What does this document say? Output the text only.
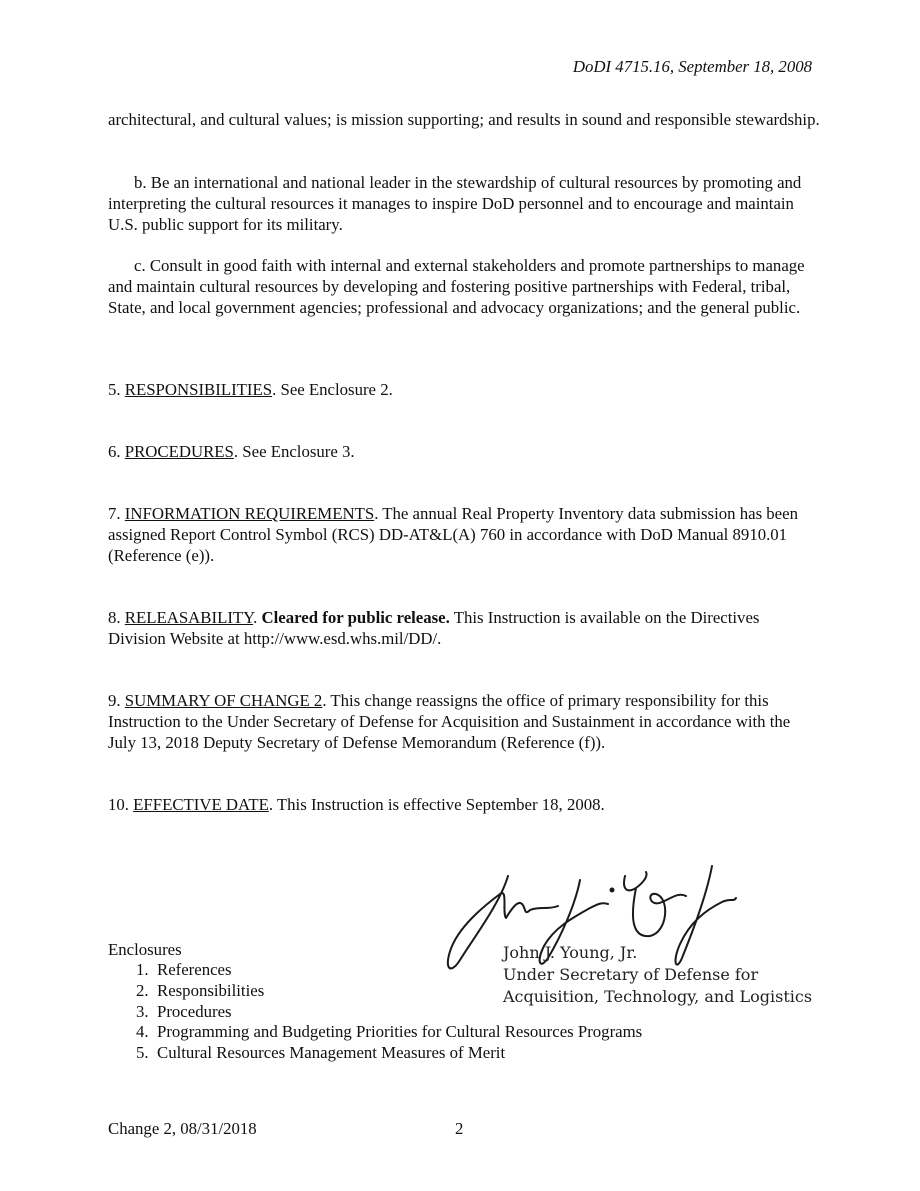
DoDI 4715.16, September 18, 2008

architectural, and cultural values; is mission supporting; and results in sound and responsible stewardship.

b. Be an international and national leader in the stewardship of cultural resources by promoting and interpreting the cultural resources it manages to inspire DoD personnel and to encourage and maintain U.S. public support for its military.

c. Consult in good faith with internal and external stakeholders and promote partnerships to manage and maintain cultural resources by developing and fostering positive partnerships with Federal, tribal, State, and local government agencies; professional and advocacy organizations; and the general public.

5. RESPONSIBILITIES. See Enclosure 2.

6. PROCEDURES. See Enclosure 3.

7. INFORMATION REQUIREMENTS. The annual Real Property Inventory data submission has been assigned Report Control Symbol (RCS) DD-AT&L(A) 760 in accordance with DoD Manual 8910.01 (Reference (e)).

8. RELEASABILITY. Cleared for public release. This Instruction is available on the Directives Division Website at http://www.esd.whs.mil/DD/.

9. SUMMARY OF CHANGE 2. This change reassigns the office of primary responsibility for this Instruction to the Under Secretary of Defense for Acquisition and Sustainment in accordance with the July 13, 2018 Deputy Secretary of Defense Memorandum (Reference (f)).

10. EFFECTIVE DATE. This Instruction is effective September 18, 2008.

John J. Young, Jr.
Under Secretary of Defense for
Acquisition, Technology, and Logistics
Enclosures
1. References
2. Responsibilities
3. Procedures
4. Programming and Budgeting Priorities for Cultural Resources Programs
5. Cultural Resources Management Measures of Merit
Change 2, 08/31/2018	2
